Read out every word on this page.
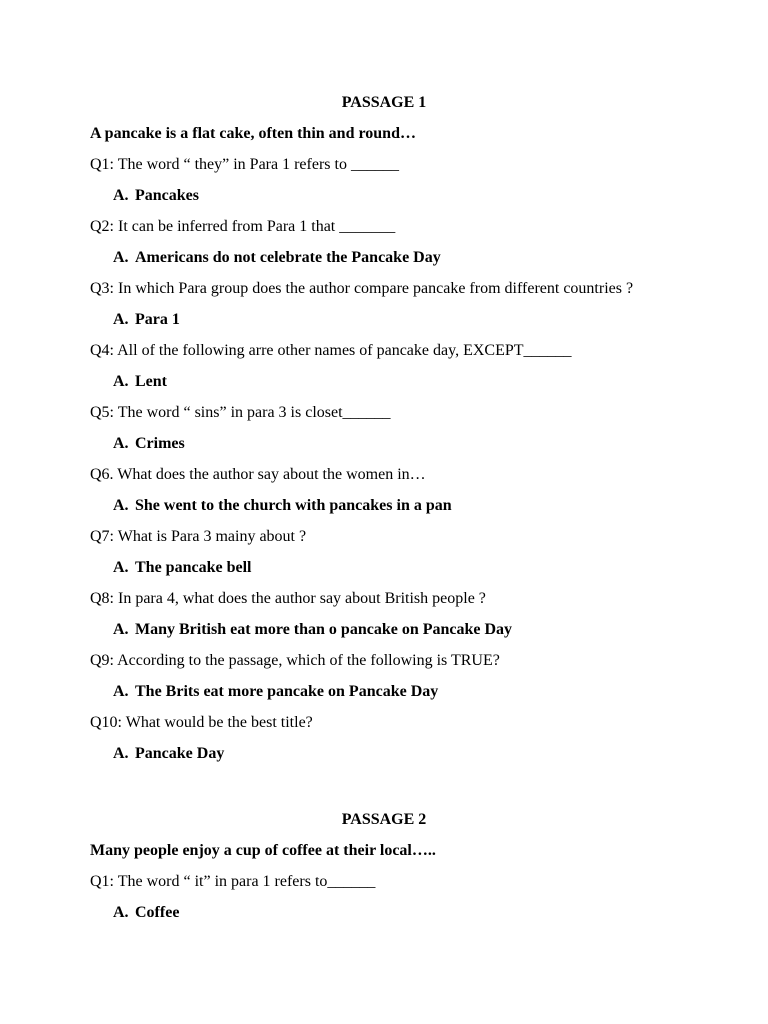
PASSAGE 1

A pancake is a flat cake, often thin and round…

Q1: The word “ they” in Para 1 refers to ______

A. Pancakes

Q2: It can be inferred from Para 1 that _______

A. Americans do not celebrate the Pancake Day

Q3: In which Para group does the author compare pancake from different countries ?

A. Para 1

Q4: All of the following arre other names of pancake day, EXCEPT______

A. Lent

Q5: The word “ sins” in para 3 is closet______

A. Crimes

Q6. What does the author say about the women in…

A. She went to the church with pancakes in a pan

Q7: What is Para 3 mainy about ?

A. The pancake bell

Q8: In para 4, what does the author say about British people ?

A. Many British eat more than o pancake on Pancake Day

Q9: According to the passage, which of the following is TRUE?

A. The Brits eat more pancake on Pancake Day

Q10: What would be the best title?

A. Pancake Day

PASSAGE 2

Many people enjoy a cup of coffee at their local…..

Q1: The word “ it” in para 1 refers to______

A. Coffee
